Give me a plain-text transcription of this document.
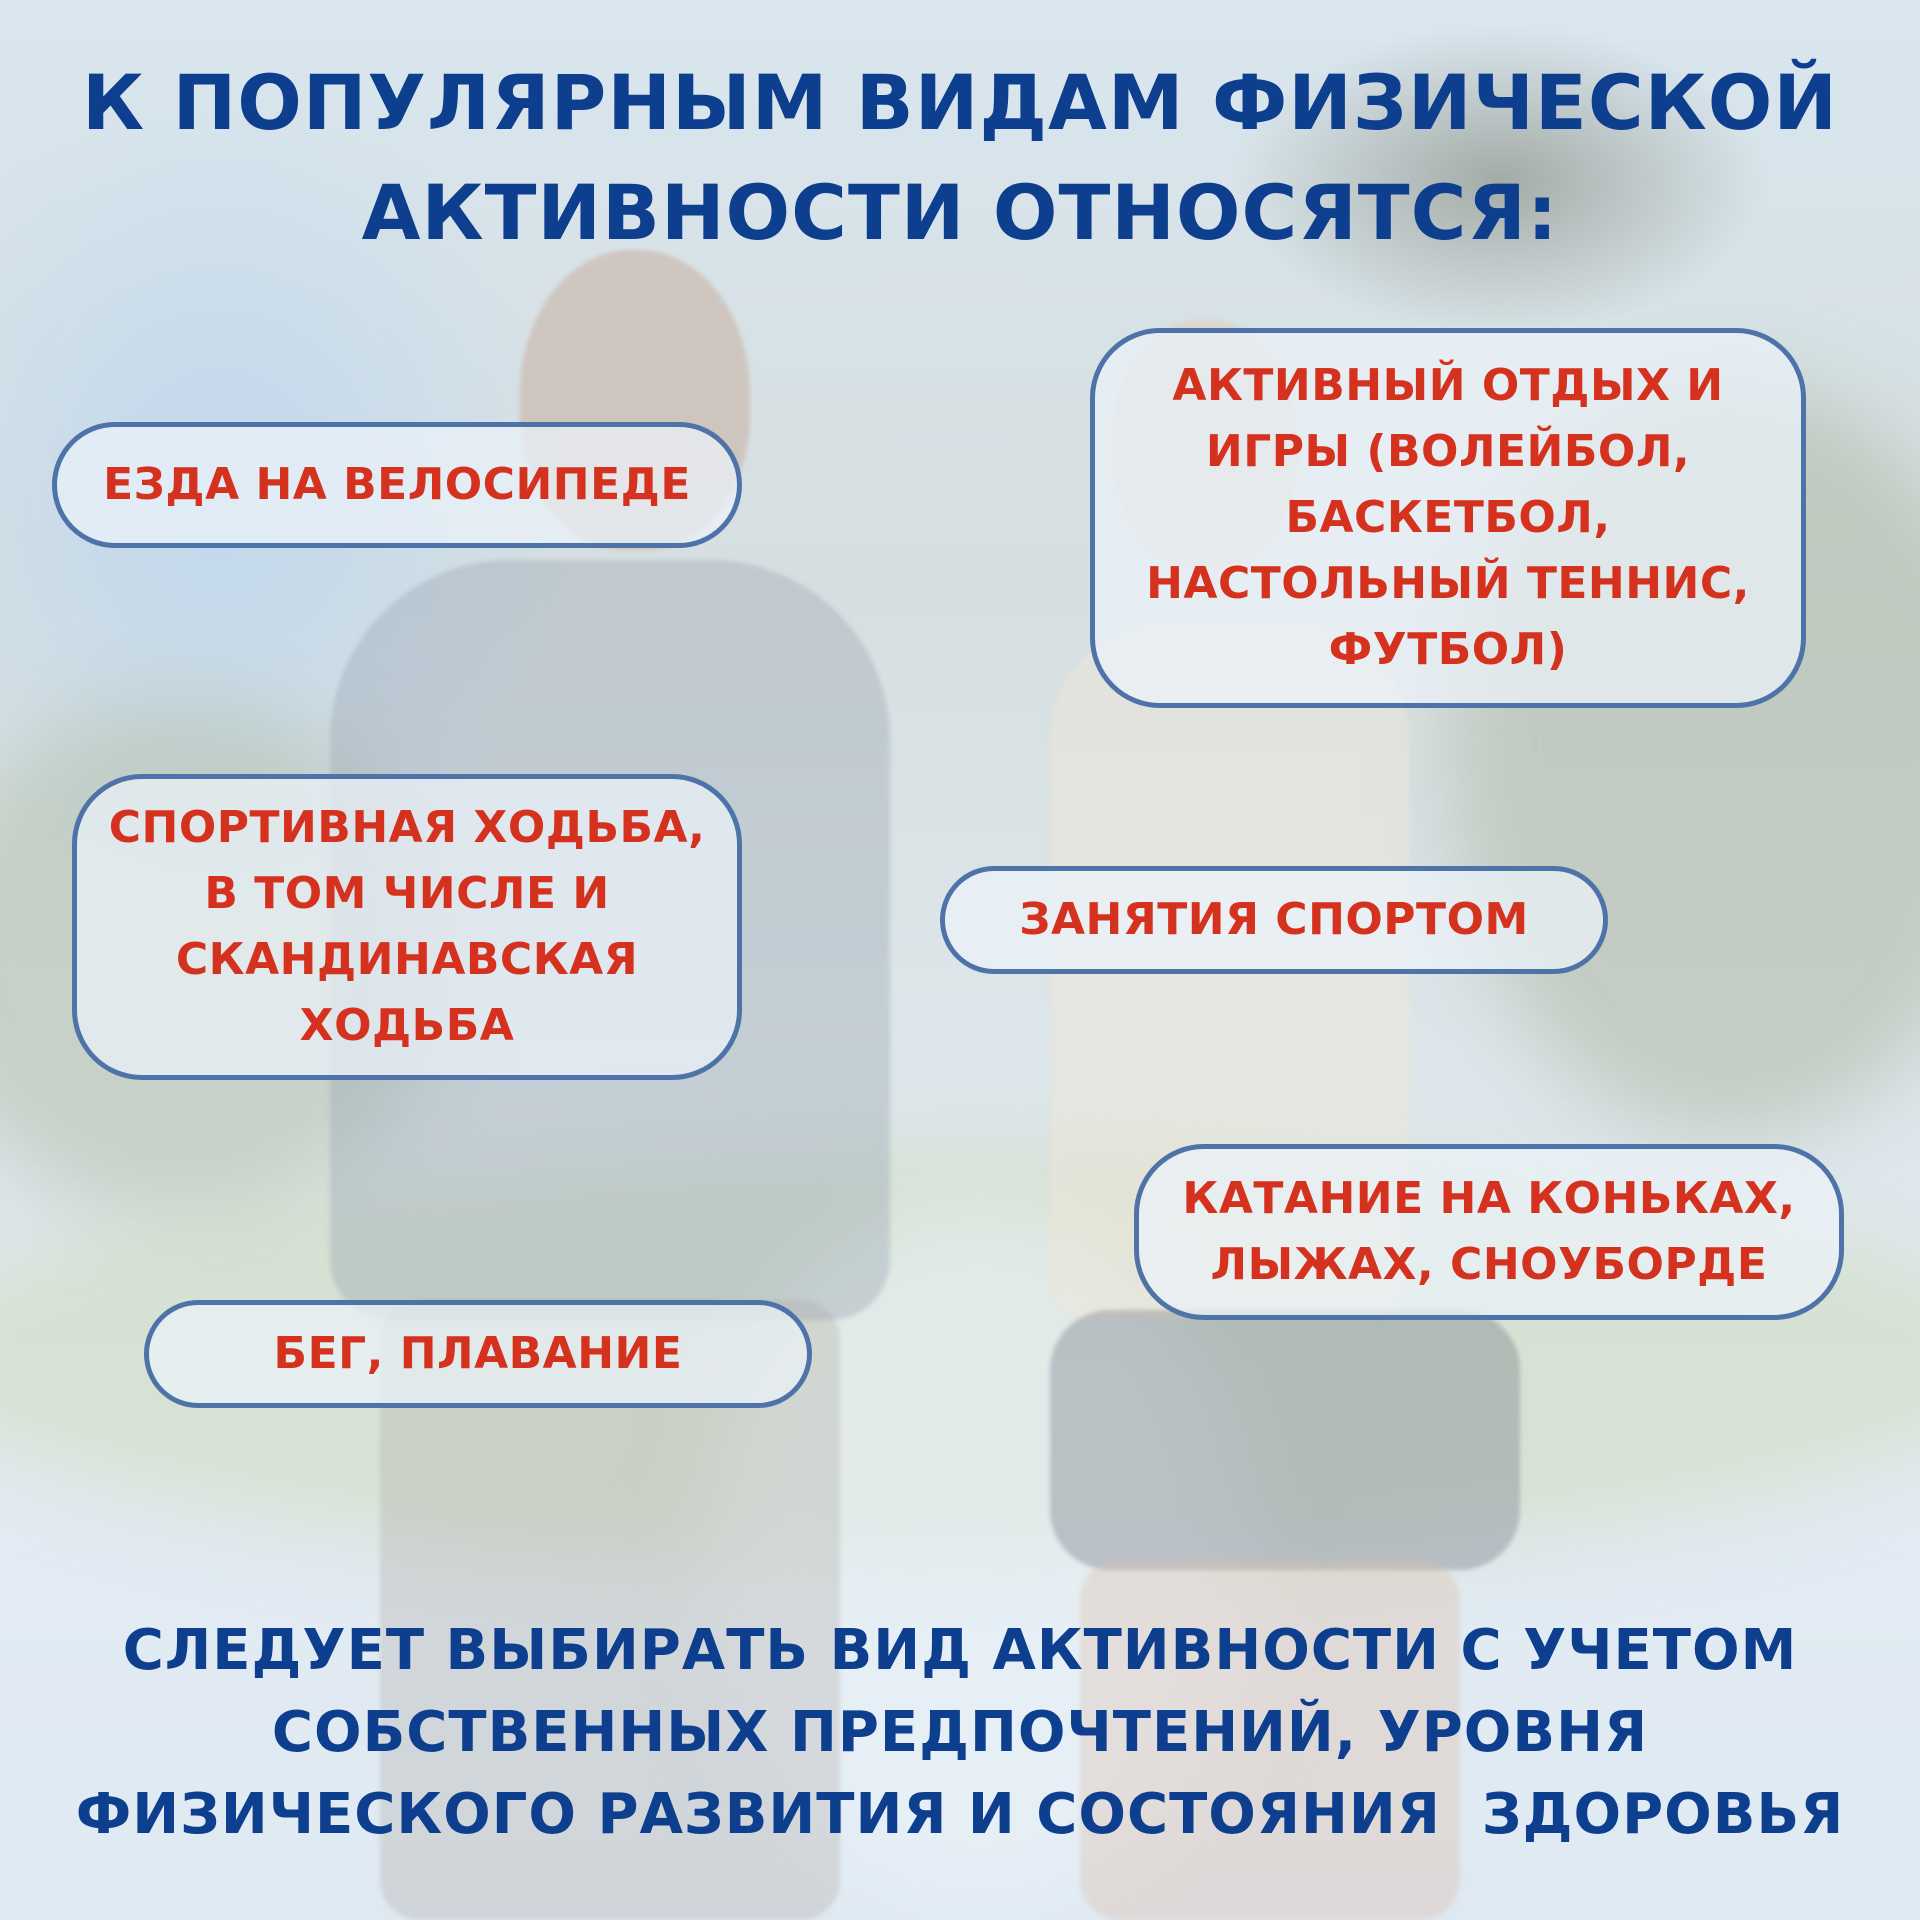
К ПОПУЛЯРНЫМ ВИДАМ ФИЗИЧЕСКОЙ
АКТИВНОСТИ ОТНОСЯТСЯ:
ЕЗДА НА ВЕЛОСИПЕДЕ
АКТИВНЫЙ ОТДЫХ И
ИГРЫ (ВОЛЕЙБОЛ,
БАСКЕТБОЛ,
НАСТОЛЬНЫЙ ТЕННИС,
ФУТБОЛ)
СПОРТИВНАЯ ХОДЬБА,
В ТОМ ЧИСЛЕ И
СКАНДИНАВСКАЯ
ХОДЬБА
ЗАНЯТИЯ СПОРТОМ
КАТАНИЕ НА КОНЬКАХ,
ЛЫЖАХ, СНОУБОРДЕ
БЕГ, ПЛАВАНИЕ
СЛЕДУЕТ ВЫБИРАТЬ ВИД АКТИВНОСТИ С УЧЕТОМ
СОБСТВЕННЫХ ПРЕДПОЧТЕНИЙ, УРОВНЯ
ФИЗИЧЕСКОГО РАЗВИТИЯ И СОСТОЯНИЯ  ЗДОРОВЬЯ
